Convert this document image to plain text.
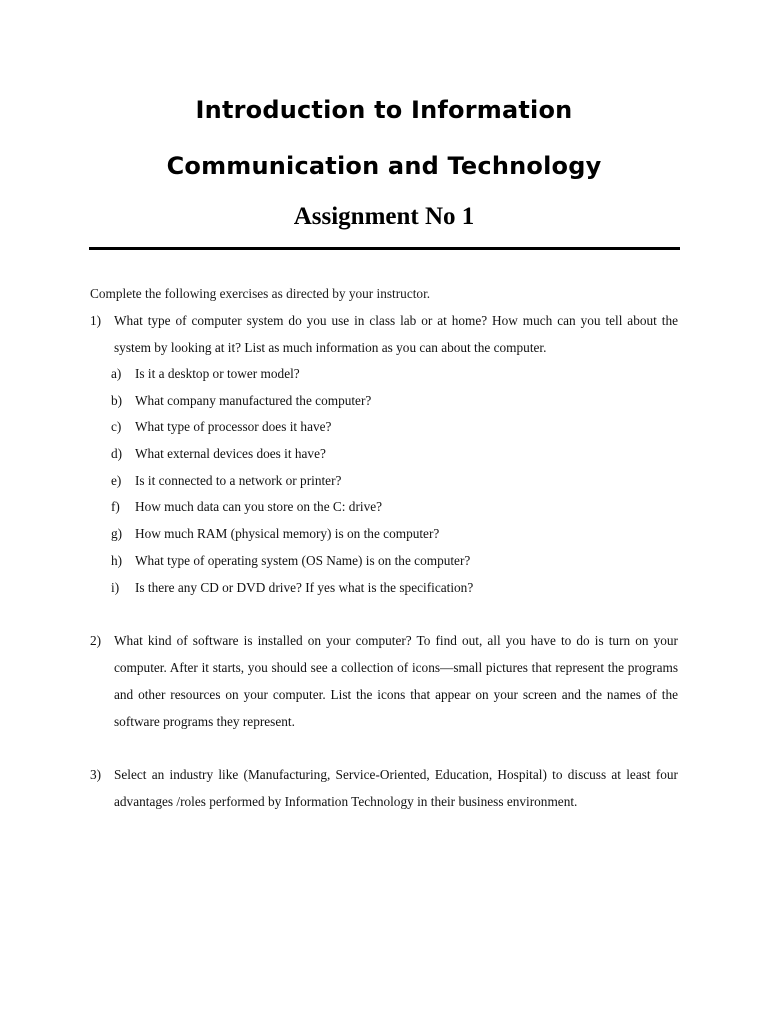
Introduction to Information
Communication and Technology
Assignment No 1
Complete the following exercises as directed by your instructor.
1) What type of computer system do you use in class lab or at home? How much can you tell about the system by looking at it? List as much information as you can about the computer.

a) Is it a desktop or tower model?
b) What company manufactured the computer?
c) What type of processor does it have?
d) What external devices does it have?
e) Is it connected to a network or printer?
f) How much data can you store on the C: drive?
g) How much RAM (physical memory) is on the computer?
h) What type of operating system (OS Name) is on the computer?
i) Is there any CD or DVD drive? If yes what is the specification?
2) What kind of software is installed on your computer? To find out, all you have to do is turn on your computer. After it starts, you should see a collection of icons—small pictures that represent the programs and other resources on your computer. List the icons that appear on your screen and the names of the software programs they represent.

3) Select an industry like (Manufacturing, Service-Oriented, Education, Hospital) to discuss at least four advantages /roles performed by Information Technology in their business environment.
